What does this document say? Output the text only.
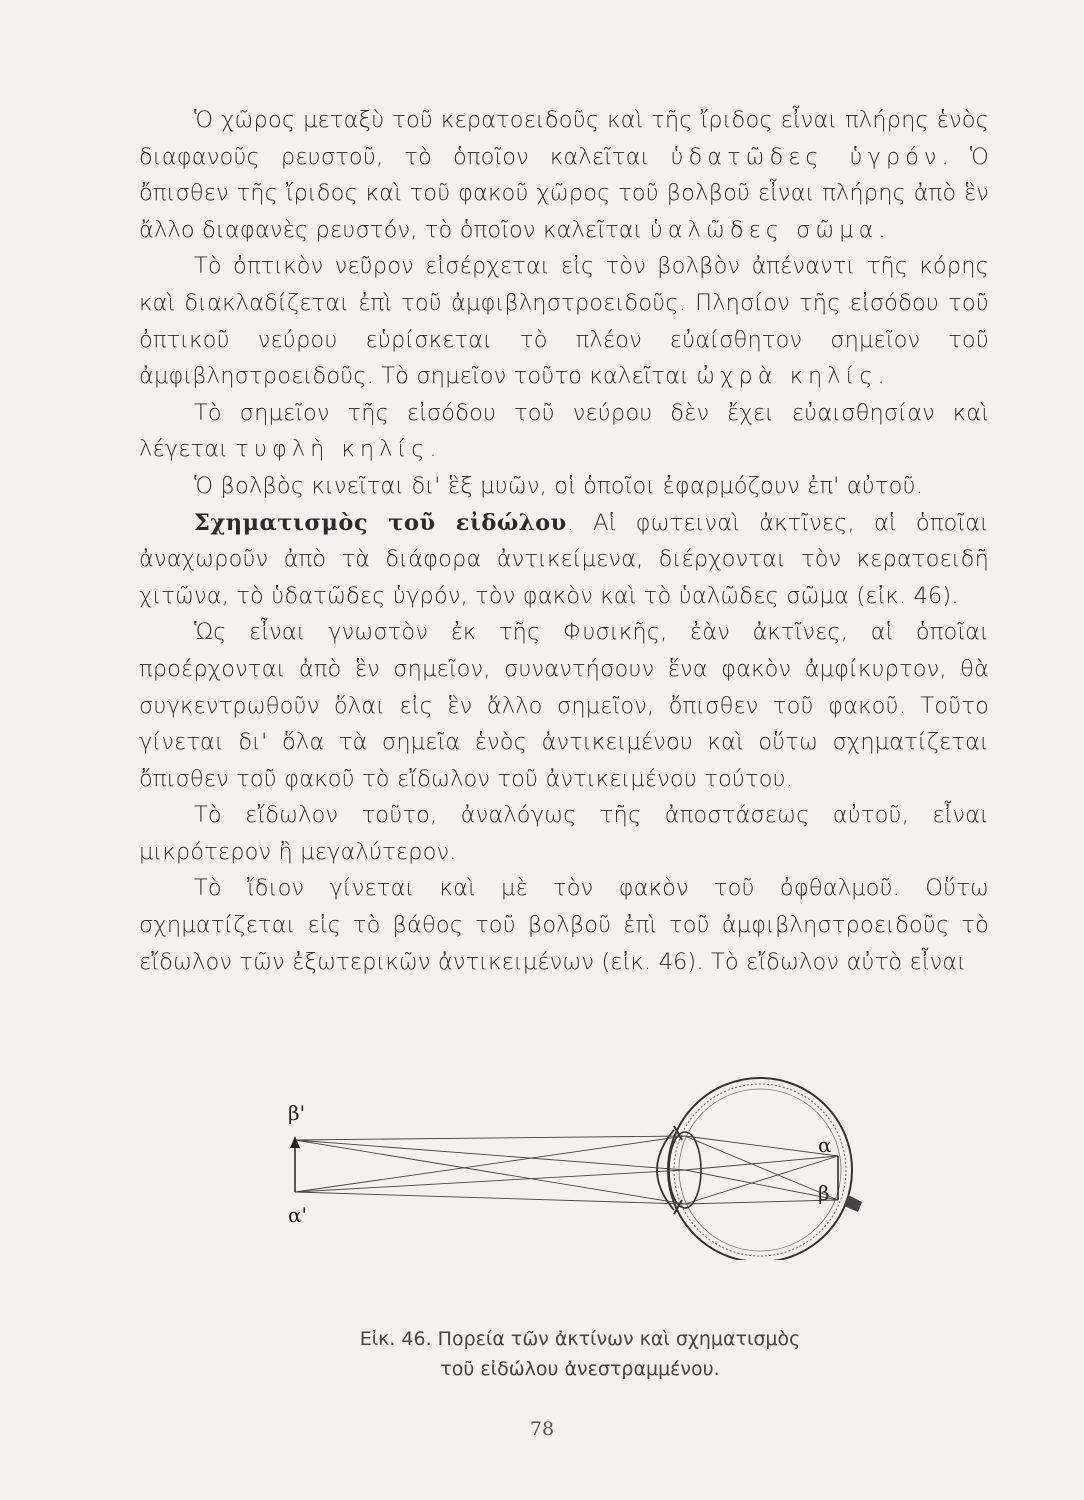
Ὁ χῶρος μεταξὺ τοῦ κερατοειδοῦς καὶ τῆς ἴριδος εἶναι πλήρης ἑνὸς διαφανοῦς ρευστοῦ, τὸ ὁποῖον καλεῖται ὑδατῶδες ὑγρόν. Ὁ ὄπισθεν τῆς ἴριδος καὶ τοῦ φακοῦ χῶρος τοῦ βολβοῦ εἶναι πλήρης ἀπὸ ἓν ἄλλο διαφανὲς ρευστόν, τὸ ὁποῖον καλεῖται ὑαλῶδες σῶμα.

Τὸ ὀπτικὸν νεῦρον εἰσέρχεται εἰς τὸν βολβὸν ἀπέναντι τῆς κόρης καὶ διακλαδίζεται ἐπὶ τοῦ ἀμφιβληστροειδοῦς. Πλησίον τῆς εἰσόδου τοῦ ὀπτικοῦ νεύρου εὑρίσκεται τὸ πλέον εὐαίσθητον σημεῖον τοῦ ἀμφιβληστροειδοῦς. Τὸ σημεῖον τοῦτο καλεῖται ὠχρὰ κηλίς.

Τὸ σημεῖον τῆς εἰσόδου τοῦ νεύρου δὲν ἔχει εὐαισθησίαν καὶ λέγεται τυφλὴ κηλίς.

Ὁ βολβὸς κινεῖται δι' ἓξ μυῶν, οἱ ὁποῖοι ἐφαρμόζουν ἐπ' αὐτοῦ.

Σχηματισμὸς τοῦ εἰδώλου. Αἱ φωτειναὶ ἀκτῖνες, αἱ ὁποῖαι ἀναχωροῦν ἀπὸ τὰ διάφορα ἀντικείμενα, διέρχονται τὸν κερατοειδῆ χιτῶνα, τὸ ὑδατῶδες ὑγρόν, τὸν φακὸν καὶ τὸ ὑαλῶδες σῶμα (εἰκ. 46).

Ὡς εἶναι γνωστὸν ἐκ τῆς Φυσικῆς, ἐὰν ἀκτῖνες, αἱ ὁποῖαι προέρχονται ἀπὸ ἓν σημεῖον, συναντήσουν ἕνα φακὸν ἀμφίκυρτον, θὰ συγκεντρωθοῦν ὅλαι εἰς ἓν ἄλλο σημεῖον, ὄπισθεν τοῦ φακοῦ. Τοῦτο γίνεται δι' ὅλα τὰ σημεῖα ἑνὸς ἀντικειμένου καὶ οὕτω σχηματίζεται ὄπισθεν τοῦ φακοῦ τὸ εἴδωλον τοῦ ἀντικειμένου τούτου.

Τὸ εἴδωλον τοῦτο, ἀναλόγως τῆς ἀποστάσεως αὐτοῦ, εἶναι μικρότερον ἢ μεγαλύτερον.

Τὸ ἴδιον γίνεται καὶ μὲ τὸν φακὸν τοῦ ὀφθαλμοῦ. Οὕτω σχηματίζεται εἰς τὸ βάθος τοῦ βολβοῦ ἐπὶ τοῦ ἀμφιβληστροειδοῦς τὸ εἴδωλον τῶν ἐξωτερικῶν ἀντικειμένων (εἰκ. 46). Τὸ εἴδωλον αὐτὸ εἶναι

β'
α'
α
β
Εἰκ. 46. Πορεία τῶν ἀκτίνων καὶ σχηματισμὸς
τοῦ εἰδώλου ἀνεστραμμένου.
78
